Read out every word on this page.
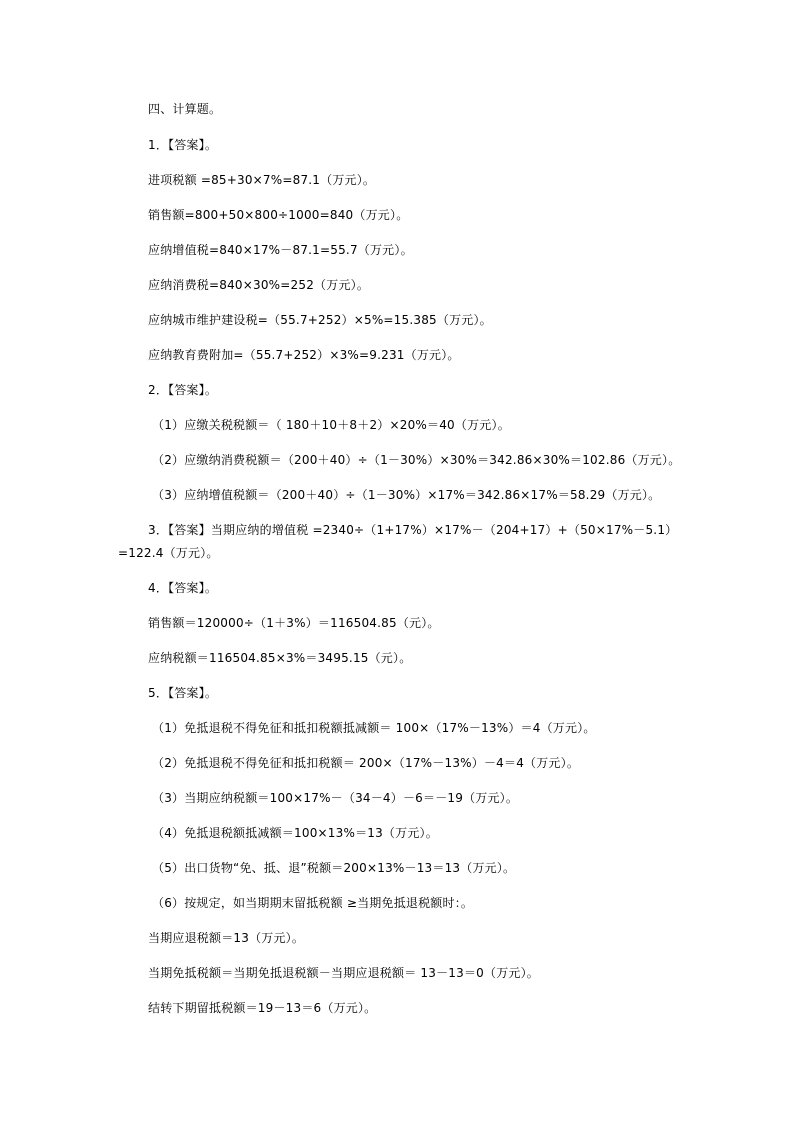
四、计算题。
1．【答案】。
进项税额 =85+30×7%=87.1（万元）。
销售额=800+50×800÷1000=840（万元）。
应纳增值税=840×17%－87.1=55.7（万元）。
应纳消费税=840×30%=252（万元）。
应纳城市维护建设税=（55.7+252）×5%=15.385（万元）。
应纳教育费附加=（55.7+252）×3%=9.231（万元）。
2．【答案】。
（1）应缴关税税额＝（ 180＋10＋8＋2）×20%＝40（万元）。
（2）应缴纳消费税额＝（200＋40）÷（1－30%）×30%＝342.86×30%＝102.86（万元）。
（3）应纳增值税额＝（200＋40）÷（1－30%）×17%＝342.86×17%＝58.29（万元）。
3．【答案】当期应纳的增值税 =2340÷（1+17%）×17%－（204+17）+（50×17%－5.1）
=122.4（万元）。
4．【答案】。
销售额＝120000÷（1＋3%）＝116504.85（元）。
应纳税额＝116504.85×3%＝3495.15（元）。
5．【答案】。
（1）免抵退税不得免征和抵扣税额抵减额＝ 100×（17%－13%）＝4（万元）。
（2）免抵退税不得免征和抵扣税额＝ 200×（17%－13%）－4＝4（万元）。
（3）当期应纳税额＝100×17%－（34－4）－6＝－19（万元）。
（4）免抵退税额抵减额＝100×13%＝13（万元）。
（5）出口货物“免、抵、退”税额＝200×13%－13＝13（万元）。
（6）按规定，如当期期末留抵税额 ≥当期免抵退税额时：。
当期应退税额＝13（万元）。
当期免抵税额＝当期免抵退税额－当期应退税额＝ 13－13＝0（万元）。
结转下期留抵税额＝19－13＝6（万元）。
